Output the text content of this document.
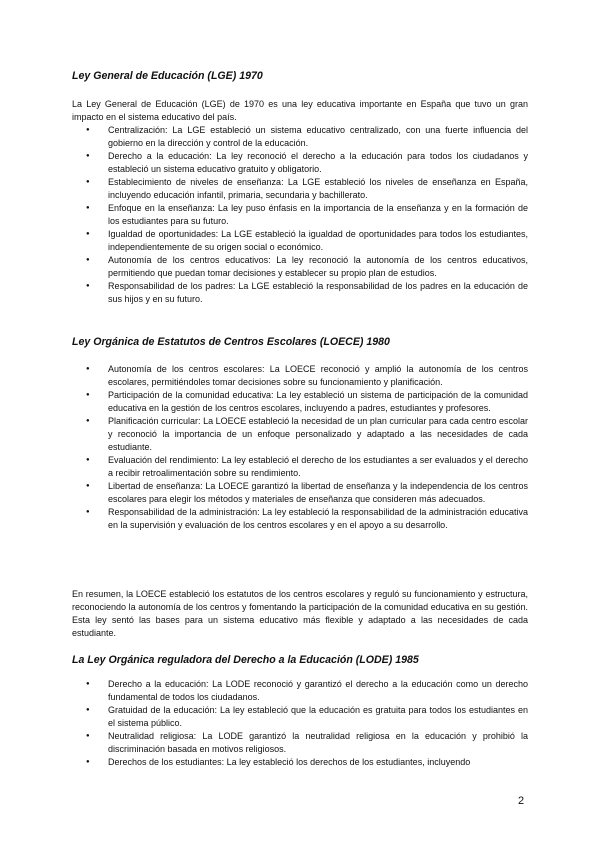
Ley General de Educación (LGE) 1970

La Ley General de Educación (LGE) de 1970 es una ley educativa importante en España que tuvo un gran impacto en el sistema educativo del país.

● Centralización: La LGE estableció un sistema educativo centralizado, con una fuerte influencia del gobierno en la dirección y control de la educación.
● Derecho a la educación: La ley reconoció el derecho a la educación para todos los ciudadanos y estableció un sistema educativo gratuito y obligatorio.
● Establecimiento de niveles de enseñanza: La LGE estableció los niveles de enseñanza en España, incluyendo educación infantil, primaria, secundaria y bachillerato.
● Enfoque en la enseñanza: La ley puso énfasis en la importancia de la enseñanza y en la formación de los estudiantes para su futuro.
● Igualdad de oportunidades: La LGE estableció la igualdad de oportunidades para todos los estudiantes, independientemente de su origen social o económico.
● Autonomía de los centros educativos: La ley reconoció la autonomía de los centros educativos, permitiendo que puedan tomar decisiones y establecer su propio plan de estudios.
● Responsabilidad de los padres: La LGE estableció la responsabilidad de los padres en la educación de sus hijos y en su futuro.
Ley Orgánica de Estatutos de Centros Escolares (LOECE) 1980
● Autonomía de los centros escolares: La LOECE reconoció y amplió la autonomía de los centros escolares, permitiéndoles tomar decisiones sobre su funcionamiento y planificación.
● Participación de la comunidad educativa: La ley estableció un sistema de participación de la comunidad educativa en la gestión de los centros escolares, incluyendo a padres, estudiantes y profesores.
● Planificación curricular: La LOECE estableció la necesidad de un plan curricular para cada centro escolar y reconoció la importancia de un enfoque personalizado y adaptado a las necesidades de cada estudiante.
● Evaluación del rendimiento: La ley estableció el derecho de los estudiantes a ser evaluados y el derecho a recibir retroalimentación sobre su rendimiento.
● Libertad de enseñanza: La LOECE garantizó la libertad de enseñanza y la independencia de los centros escolares para elegir los métodos y materiales de enseñanza que consideren más adecuados.
● Responsabilidad de la administración: La ley estableció la responsabilidad de la administración educativa en la supervisión y evaluación de los centros escolares y en el apoyo a su desarrollo.

En resumen, la LOECE estableció los estatutos de los centros escolares y reguló su funcionamiento y estructura, reconociendo la autonomía de los centros y fomentando la participación de la comunidad educativa en su gestión. Esta ley sentó las bases para un sistema educativo más flexible y adaptado a las necesidades de cada estudiante.

La Ley Orgánica reguladora del Derecho a la Educación (LODE) 1985
● Derecho a la educación: La LODE reconoció y garantizó el derecho a la educación como un derecho fundamental de todos los ciudadanos.
● Gratuidad de la educación: La ley estableció que la educación es gratuita para todos los estudiantes en el sistema público.
● Neutralidad religiosa: La LODE garantizó la neutralidad religiosa en la educación y prohibió la discriminación basada en motivos religiosos.
● Derechos de los estudiantes: La ley estableció los derechos de los estudiantes, incluyendo
2
